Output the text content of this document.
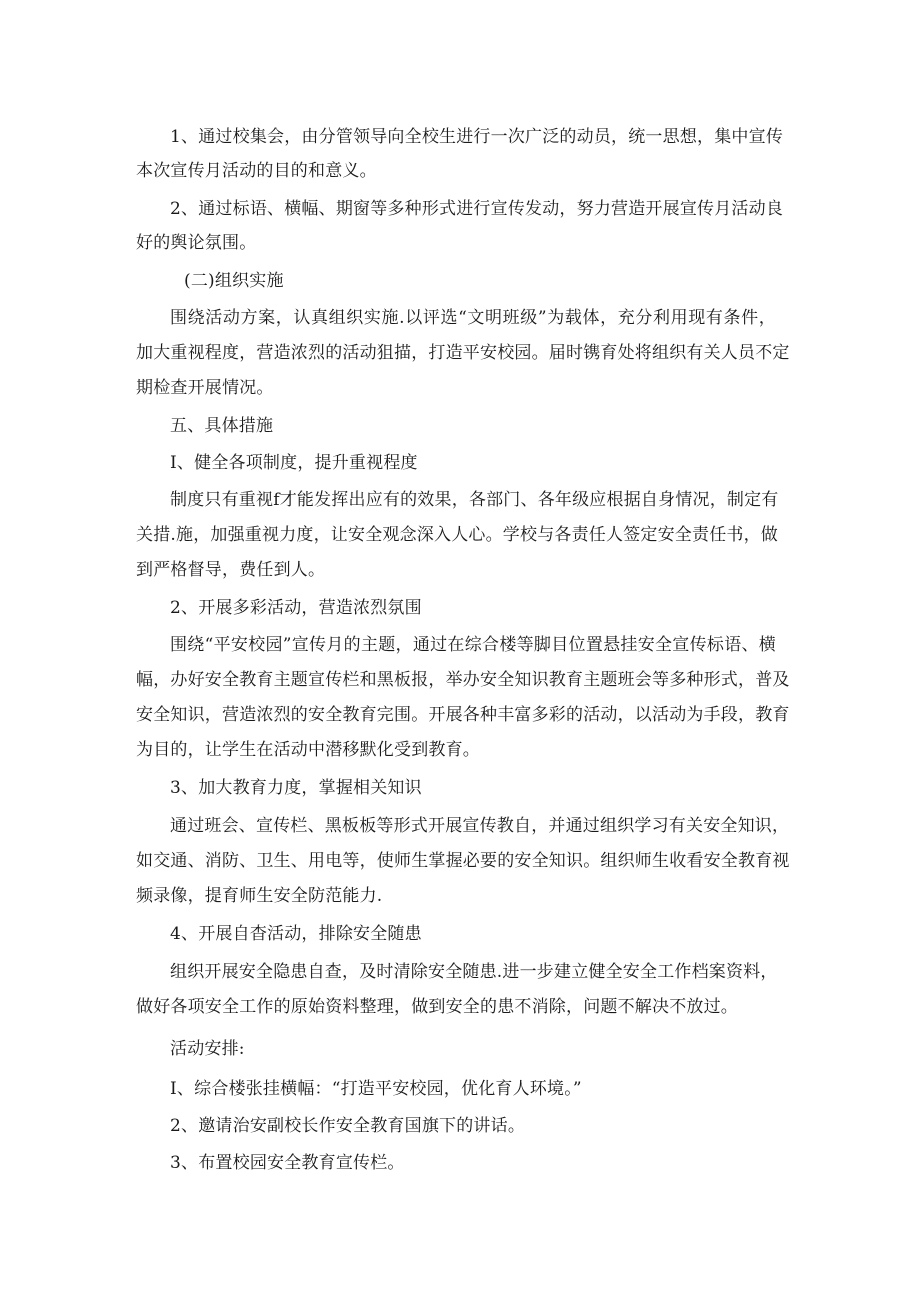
1、通过校集会，由分管领导向全校生进行一次广泛的动员，统一思想，集中宣传
本次宣传月活动的目的和意义。
2、通过标语、横幅、期窗等多种形式进行宣传发动，努力营造开展宣传月活动良
好的舆论氛围。
(二)组织实施
围绕活动方案，认真组织实施.以评选“文明班级”为载体，充分利用现有条件，
加大重视程度，营造浓烈的活动狙描，打造平安校园。届时镌育处将组织有关人员不定
期检查开展情况。
五、具体措施
I、健全各项制度，提升重视程度
制度只有重视f才能发挥出应有的效果，各部门、各年级应根据自身情况，制定有
关措.施，加强重视力度，让安全观念深入人心。学校与各责任人签定安全责任书，做
到严格督导，费任到人。
2、开展多彩活动，营造浓烈氛围
围绕“平安校园”宣传月的主题，通过在综合楼等脚目位置悬挂安全宣传标语、横
幅，办好安全教育主题宣传栏和黑板报，举办安全知识教育主题班会等多种形式，普及
安全知识，营造浓烈的安全教育完围。开展各种丰富多彩的活动，以活动为手段，教育
为目的，让学生在活动中潜移默化受到教育。
3、加大教育力度，掌握相关知识
通过班会、宣传栏、黑板板等形式开展宣传教自，并通过组织学习有关安全知识，
如交通、消防、卫生、用电等，使师生掌握必要的安全知识。组织师生收看安全教育视
频录像，提育师生安全防范能力.
4、开展自杳活动，排除安全随患
组织开展安全隐患自查，及时清除安全随患.进一步建立健全安全工作档案资料，
做好各项安全工作的原始资料整理，做到安全的患不消除，问题不解决不放过。
活动安排:
I、综合楼张挂横幅：“打造平安校园，优化育人环境。”
2、邀请治安副校长作安全教育国旗下的讲话。
3、布置校园安全教育宣传栏。
